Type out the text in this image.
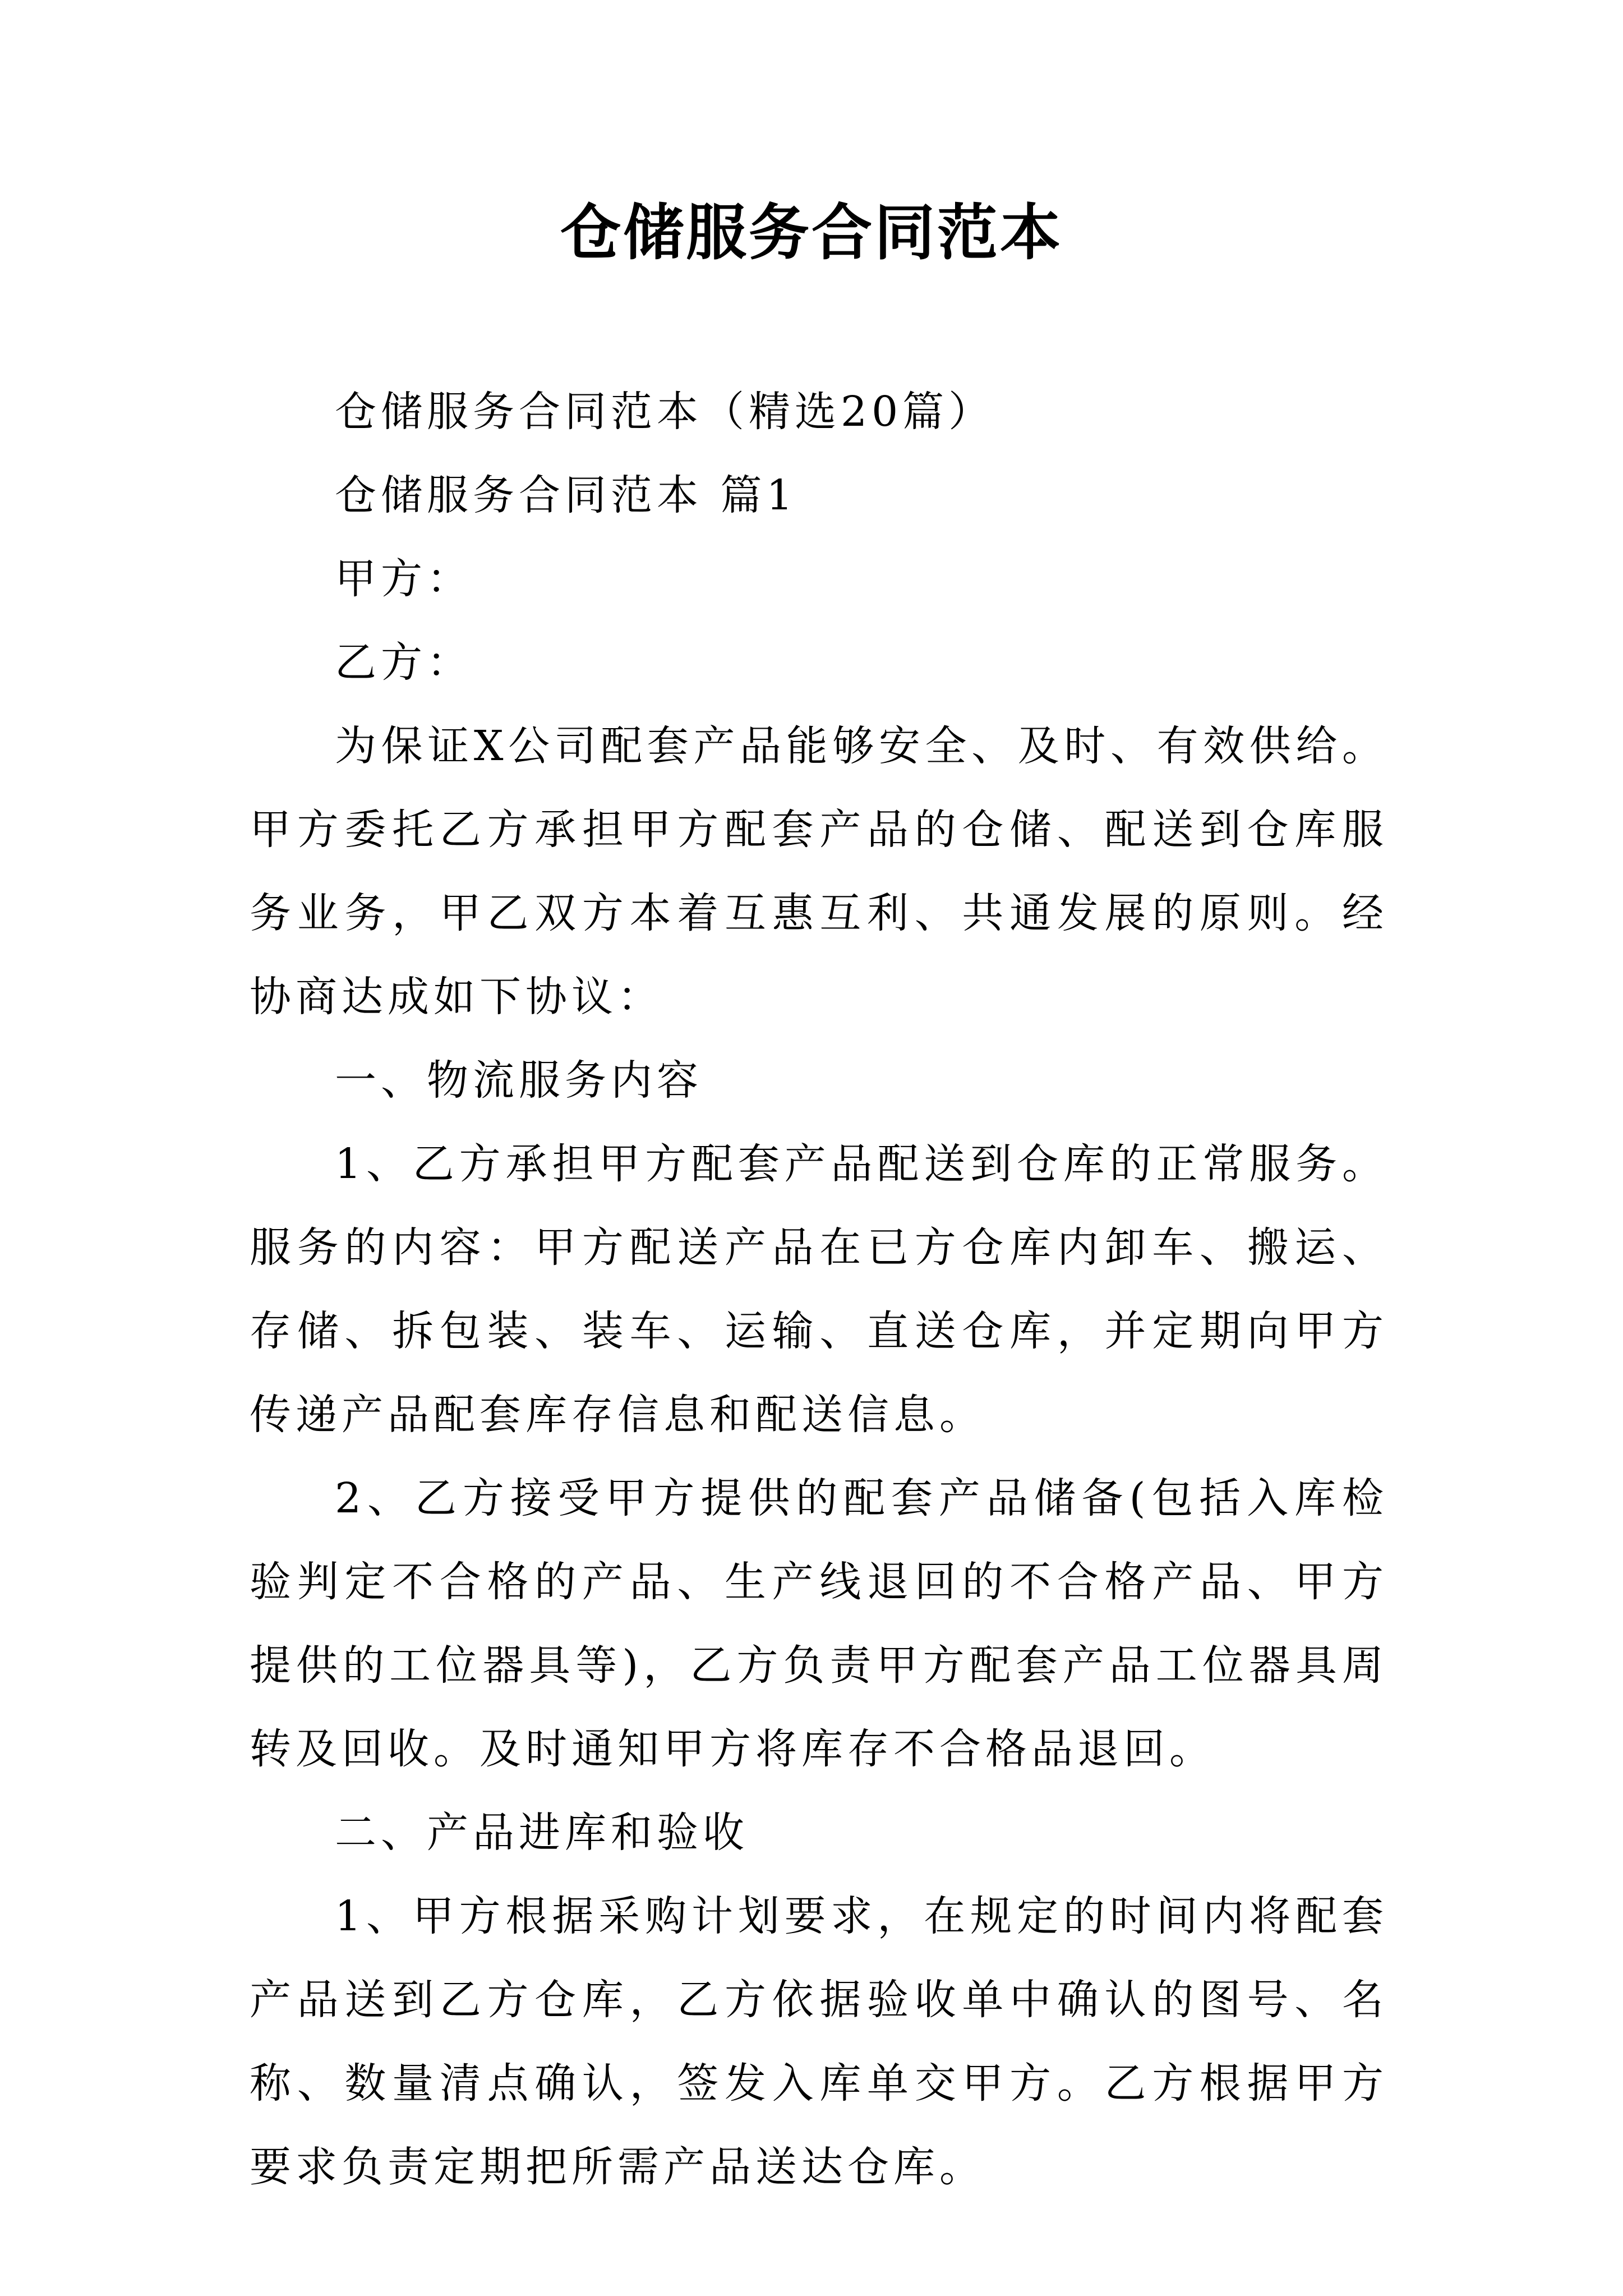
仓储服务合同范本

仓储服务合同范本（精选20篇）

仓储服务合同范本 篇1

甲方：

乙方：

为保证X公司配套产品能够安全、及时、有效供给。甲方委托乙方承担甲方配套产品的仓储、配送到仓库服务业务，甲乙双方本着互惠互利、共通发展的原则。经协商达成如下协议：

一、物流服务内容

1、乙方承担甲方配套产品配送到仓库的正常服务。服务的内容：甲方配送产品在已方仓库内卸车、搬运、存储、拆包装、装车、运输、直送仓库，并定期向甲方传递产品配套库存信息和配送信息。

2、乙方接受甲方提供的配套产品储备(包括入库检验判定不合格的产品、生产线退回的不合格产品、甲方提供的工位器具等)，乙方负责甲方配套产品工位器具周转及回收。及时通知甲方将库存不合格品退回。

二、产品进库和验收

1、甲方根据采购计划要求，在规定的时间内将配套产品送到乙方仓库，乙方依据验收单中确认的图号、名称、数量清点确认，签发入库单交甲方。乙方根据甲方要求负责定期把所需产品送达仓库。
